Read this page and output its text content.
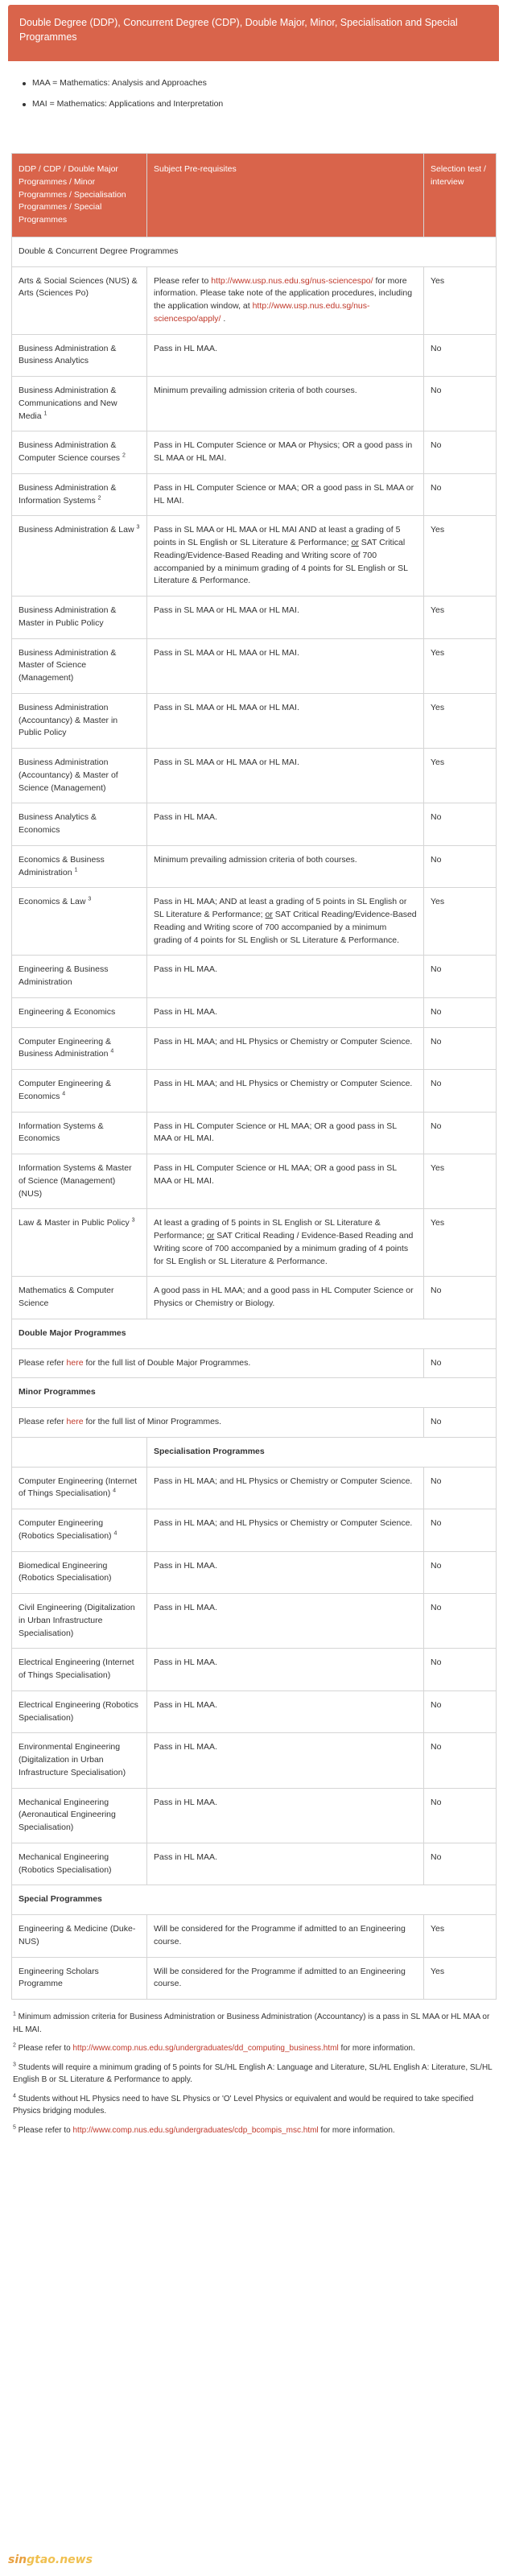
Double Degree (DDP), Concurrent Degree (CDP), Double Major, Minor, Specialisation and Special Programmes
MAA = Mathematics: Analysis and Approaches
MAI = Mathematics: Applications and Interpretation
DDP / CDP / Double Major Programmes / Minor Programmes / Specialisation Programmes / Special Programmes	Subject Pre-requisites	Selection test / interview
Double & Concurrent Degree Programmes		
Arts & Social Sciences (NUS) & Arts (Sciences Po)	Please refer to http://www.usp.nus.edu.sg/nus-sciencespo/ for more information. Please take note of the application procedures, including the application window, at http://www.usp.nus.edu.sg/nus-sciencespo/apply/ .	Yes
Business Administration & Business Analytics	Pass in HL MAA.	No
Business Administration & Communications and New Media $^1$	Minimum prevailing admission criteria of both courses.	No
Business Administration & Computer Science courses $^2$	Pass in HL Computer Science or MAA or Physics; OR a good pass in SL MAA or HL MAI.	No
Business Administration & Information Systems $^2$	Pass in HL Computer Science or MAA; OR a good pass in SL MAA or HL MAI.	No
Business Administration & Law $^3$	Pass in SL MAA or HL MAA or HL MAI AND at least a grading of 5 points in SL English or SL Literature & Performance; or SAT Critical Reading/Evidence-Based Reading and Writing score of 700 accompanied by a minimum grading of 4 points for SL English or SL Literature & Performance.	Yes
Business Administration & Master in Public Policy	Pass in SL MAA or HL MAA or HL MAI.	Yes
Business Administration & Master of Science (Management)	Pass in SL MAA or HL MAA or HL MAI.	Yes
Business Administration (Accountancy) & Master in Public Policy	Pass in SL MAA or HL MAA or HL MAI.	Yes
Business Administration (Accountancy) & Master of Science (Management)	Pass in SL MAA or HL MAA or HL MAI.	Yes
Business Analytics & Economics	Pass in HL MAA.	No
Economics & Business Administration $^1$	Minimum prevailing admission criteria of both courses.	No
Economics & Law $^3$	Pass in HL MAA; AND at least a grading of 5 points in SL English or SL Literature & Performance; or SAT Critical Reading/Evidence-Based Reading and Writing score of 700 accompanied by a minimum grading of 4 points for SL English or SL Literature & Performance.	Yes
Engineering & Business Administration	Pass in HL MAA.	No
Engineering & Economics	Pass in HL MAA.	No
Computer Engineering & Business Administration $^4$	Pass in HL MAA; and HL Physics or Chemistry or Computer Science.	No
Computer Engineering & Economics $^4$	Pass in HL MAA; and HL Physics or Chemistry or Computer Science.	No
Information Systems & Economics	Pass in HL Computer Science or HL MAA; OR a good pass in SL MAA or HL MAI.	No
Information Systems & Master of Science (Management) (NUS)	Pass in HL Computer Science or HL MAA; OR a good pass in SL MAA or HL MAI.	Yes
Law & Master in Public Policy $^3$	At least a grading of 5 points in SL English or SL Literature & Performance; or SAT Critical Reading / Evidence-Based Reading and Writing score of 700 accompanied by a minimum grading of 4 points for SL English or SL Literature & Performance.	Yes
Mathematics & Computer Science	A good pass in HL MAA; and a good pass in HL Computer Science or Physics or Chemistry or Biology.	No
Double Major Programmes		
Please refer here for the full list of Double Major Programmes.		No
Minor Programmes		
Please refer here for the full list of Minor Programmes.		No
	Specialisation Programmes	
Computer Engineering (Internet of Things Specialisation) $^4$	Pass in HL MAA; and HL Physics or Chemistry or Computer Science.	No
Computer Engineering (Robotics Specialisation) $^4$	Pass in HL MAA; and HL Physics or Chemistry or Computer Science.	No
Biomedical Engineering (Robotics Specialisation)	Pass in HL MAA.	No
Civil Engineering (Digitalization in Urban Infrastructure Specialisation)	Pass in HL MAA.	No
Electrical Engineering (Internet of Things Specialisation)	Pass in HL MAA.	No
Electrical Engineering (Robotics Specialisation)	Pass in HL MAA.	No
Environmental Engineering (Digitalization in Urban Infrastructure Specialisation)	Pass in HL MAA.	No
Mechanical Engineering (Aeronautical Engineering Specialisation)	Pass in HL MAA.	No
Mechanical Engineering (Robotics Specialisation)	Pass in HL MAA.	No
Special Programmes		
Engineering & Medicine (Duke-NUS)	Will be considered for the Programme if admitted to an Engineering course.	Yes
Engineering Scholars Programme	Will be considered for the Programme if admitted to an Engineering course.	Yes

$^1$ Minimum admission criteria for Business Administration or Business Administration (Accountancy) is a pass in SL MAA or HL MAA or HL MAI.

$^2$ Please refer to http://www.comp.nus.edu.sg/undergraduates/dd_computing_business.html for more information.

$^3$ Students will require a minimum grading of 5 points for SL/HL English A: Language and Literature, SL/HL English A: Literature, SL/HL English B or SL Literature & Performance to apply.

$^4$ Students without HL Physics need to have SL Physics or 'O' Level Physics or equivalent and would be required to take specified Physics bridging modules.

$^5$ Please refer to http://www.comp.nus.edu.sg/undergraduates/cdp_bcompis_msc.html for more information.

singtao.news
